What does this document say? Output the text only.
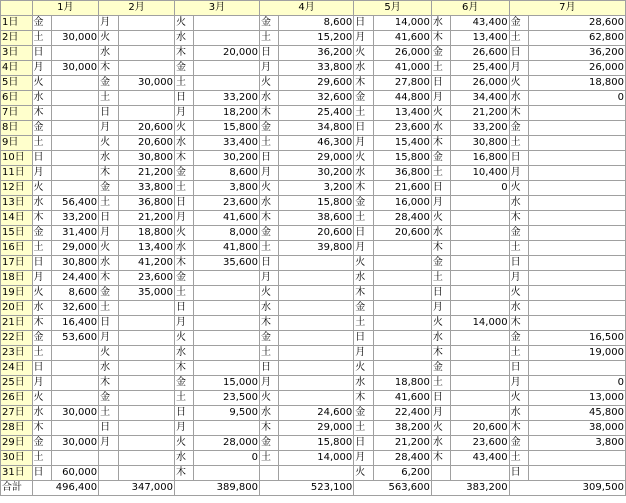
	1月		2月		3月		4月		5月		6月		7月	
1日	金		月		火		金	8,600	日	14,000	水	43,400	金	28,600
2日	土	30,000	火		水		土	15,200	月	41,600	木	13,400	土	62,800
3日	日		水		木	20,000	日	36,200	火	26,000	金	26,600	日	36,200
4日	月	30,000	木		金		月	33,800	水	41,000	土	25,400	月	26,000
5日	火		金	30,000	土		火	29,600	木	27,800	日	26,000	火	18,800
6日	水		土		日	33,200	水	32,600	金	44,800	月	34,400	水	0
7日	木		日		月	18,200	木	25,400	土	13,400	火	21,200	木	
8日	金		月	20,600	火	15,800	金	34,800	日	23,600	水	33,200	金	
9日	土		火	20,600	水	33,400	土	46,300	月	15,400	木	30,800	土	
10日	日		水	30,800	木	30,200	日	29,000	火	15,800	金	16,800	日	
11日	月		木	21,200	金	8,600	月	30,200	水	36,800	土	10,400	月	
12日	火		金	33,800	土	3,800	火	3,200	木	21,600	日	0	火	
13日	水	56,400	土	36,800	日	23,600	水	15,800	金	16,000	月		水	
14日	木	33,200	日	21,200	月	41,600	木	38,600	土	28,400	火		木	
15日	金	31,400	月	18,800	火	8,000	金	20,600	日	20,600	水		金	
16日	土	29,000	火	13,400	水	41,800	土	39,800	月		木		土	
17日	日	30,800	水	41,200	木	35,600	日		火		金		日	
18日	月	24,400	木	23,600	金		月		水		土		月	
19日	火	8,600	金	35,000	土		火		木		日		火	
20日	水	32,600	土		日		水		金		月		水	
21日	木	16,400	日		月		木		土		火	14,000	木	
22日	金	53,600	月		火		金		日		水		金	16,500
23日	土		火		水		土		月		木		土	19,000
24日	日		水		木		日		火		金		日	
25日	月		木		金	15,000	月		水	18,800	土		月	0
26日	火		金		土	23,500	火		木	41,600	日		火	13,000
27日	水	30,000	土		日	9,500	水	24,600	金	22,400	月		水	45,800
28日	木		日		月		木	29,000	土	38,200	火	20,600	木	38,000
29日	金	30,000	月		火	28,000	金	15,800	日	21,200	水	23,600	金	3,800
30日	土				水	0	土	14,000	月	28,400	木	43,400	土	
31日	日	60,000			木				火	6,200			日	
合計	496,400		347,000		389,800		523,100		563,600		383,200		309,500	
